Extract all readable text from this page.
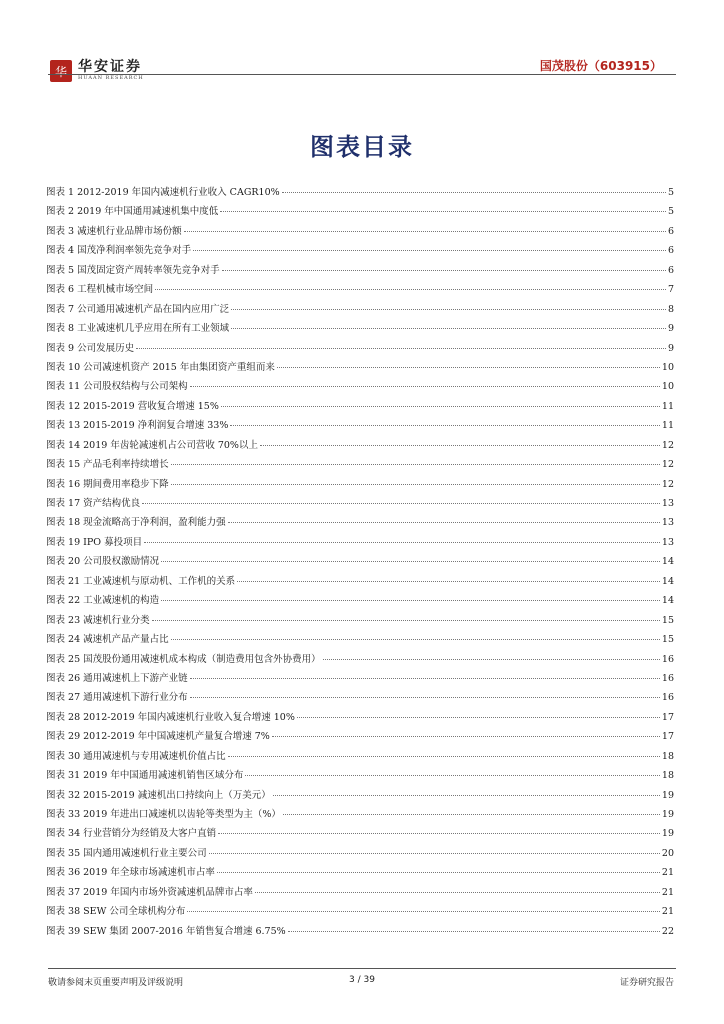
华 华安证券
HUAAN RESEARCH
国茂股份（603915）
图表目录
图表 1 2012-2019 年国内减速机行业收入 CAGR10%	5
图表 2 2019 年中国通用减速机集中度低	5
图表 3 减速机行业品牌市场份额	6
图表 4 国茂净利润率领先竞争对手	6
图表 5 国茂固定资产周转率领先竞争对手	6
图表 6 工程机械市场空间	7
图表 7 公司通用减速机产品在国内应用广泛	8
图表 8 工业减速机几乎应用在所有工业领域	9
图表 9 公司发展历史	9
图表 10 公司减速机资产 2015 年由集团资产重组而来	10
图表 11 公司股权结构与公司架构	10
图表 12 2015-2019 营收复合增速 15%	11
图表 13 2015-2019 净利润复合增速 33%	11
图表 14 2019 年齿轮减速机占公司营收 70%以上	12
图表 15 产品毛利率持续增长	12
图表 16 期间费用率稳步下降	12
图表 17 资产结构优良	13
图表 18 现金流略高于净利润，盈利能力强	13
图表 19 IPO 募投项目	13
图表 20 公司股权激励情况	14
图表 21 工业减速机与原动机、工作机的关系	14
图表 22 工业减速机的构造	14
图表 23 减速机行业分类	15
图表 24 减速机产品产量占比	15
图表 25 国茂股份通用减速机成本构成（制造费用包含外协费用）	16
图表 26 通用减速机上下游产业链	16
图表 27 通用减速机下游行业分布	16
图表 28 2012-2019 年国内减速机行业收入复合增速 10%	17
图表 29 2012-2019 年中国减速机产量复合增速 7%	17
图表 30 通用减速机与专用减速机价值占比	18
图表 31 2019 年中国通用减速机销售区域分布	18
图表 32 2015-2019 减速机出口持续向上（万美元）	19
图表 33 2019 年进出口减速机以齿轮等类型为主（%）	19
图表 34 行业营销分为经销及大客户直销	19
图表 35 国内通用减速机行业主要公司	20
图表 36 2019 年全球市场减速机市占率	21
图表 37 2019 年国内市场外资减速机品牌市占率	21
图表 38 SEW 公司全球机构分布	21
图表 39 SEW 集团 2007-2016 年销售复合增速 6.75%	22
敬请参阅末页重要声明及评级说明	3 / 39	证券研究报告
